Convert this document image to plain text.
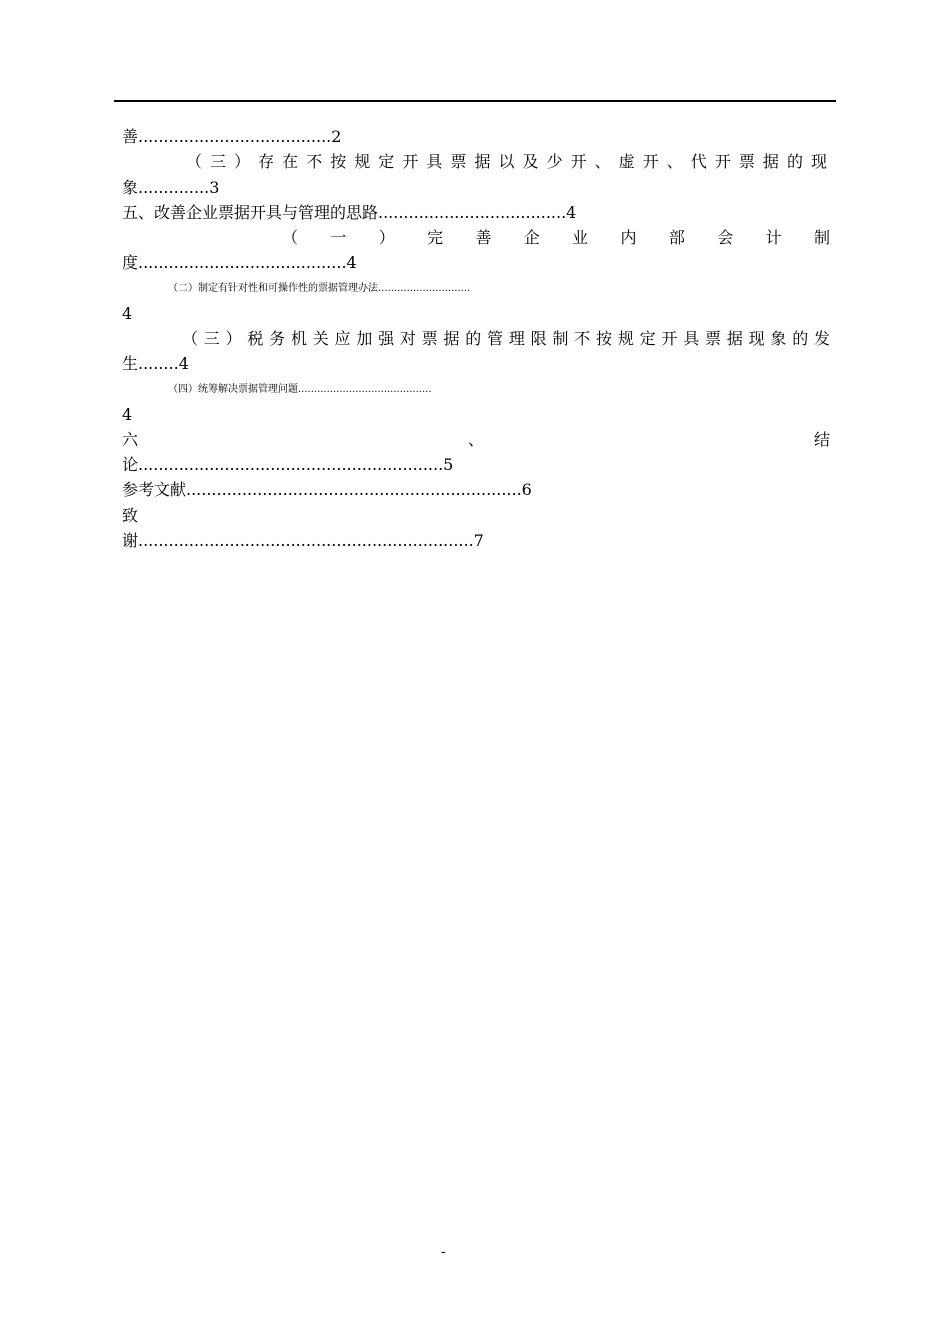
善......................................2
（三）存在不按规定开具票据以及少开、虚开、代开票据的现
象..............3
五、改善企业票据开具与管理的思路.....................................4
（一）完善企业内部会计制
度.........................................4
（二）制定有针对性和可操作性的票据管理办法.............................
4
（三）税务机关应加强对票据的管理限制不按规定开具票据现象的发
生........4
（四）统筹解决票据管理问题..........................................
4
六、结
论............................................................5
参考文献..................................................................6
致
谢..................................................................7
-
